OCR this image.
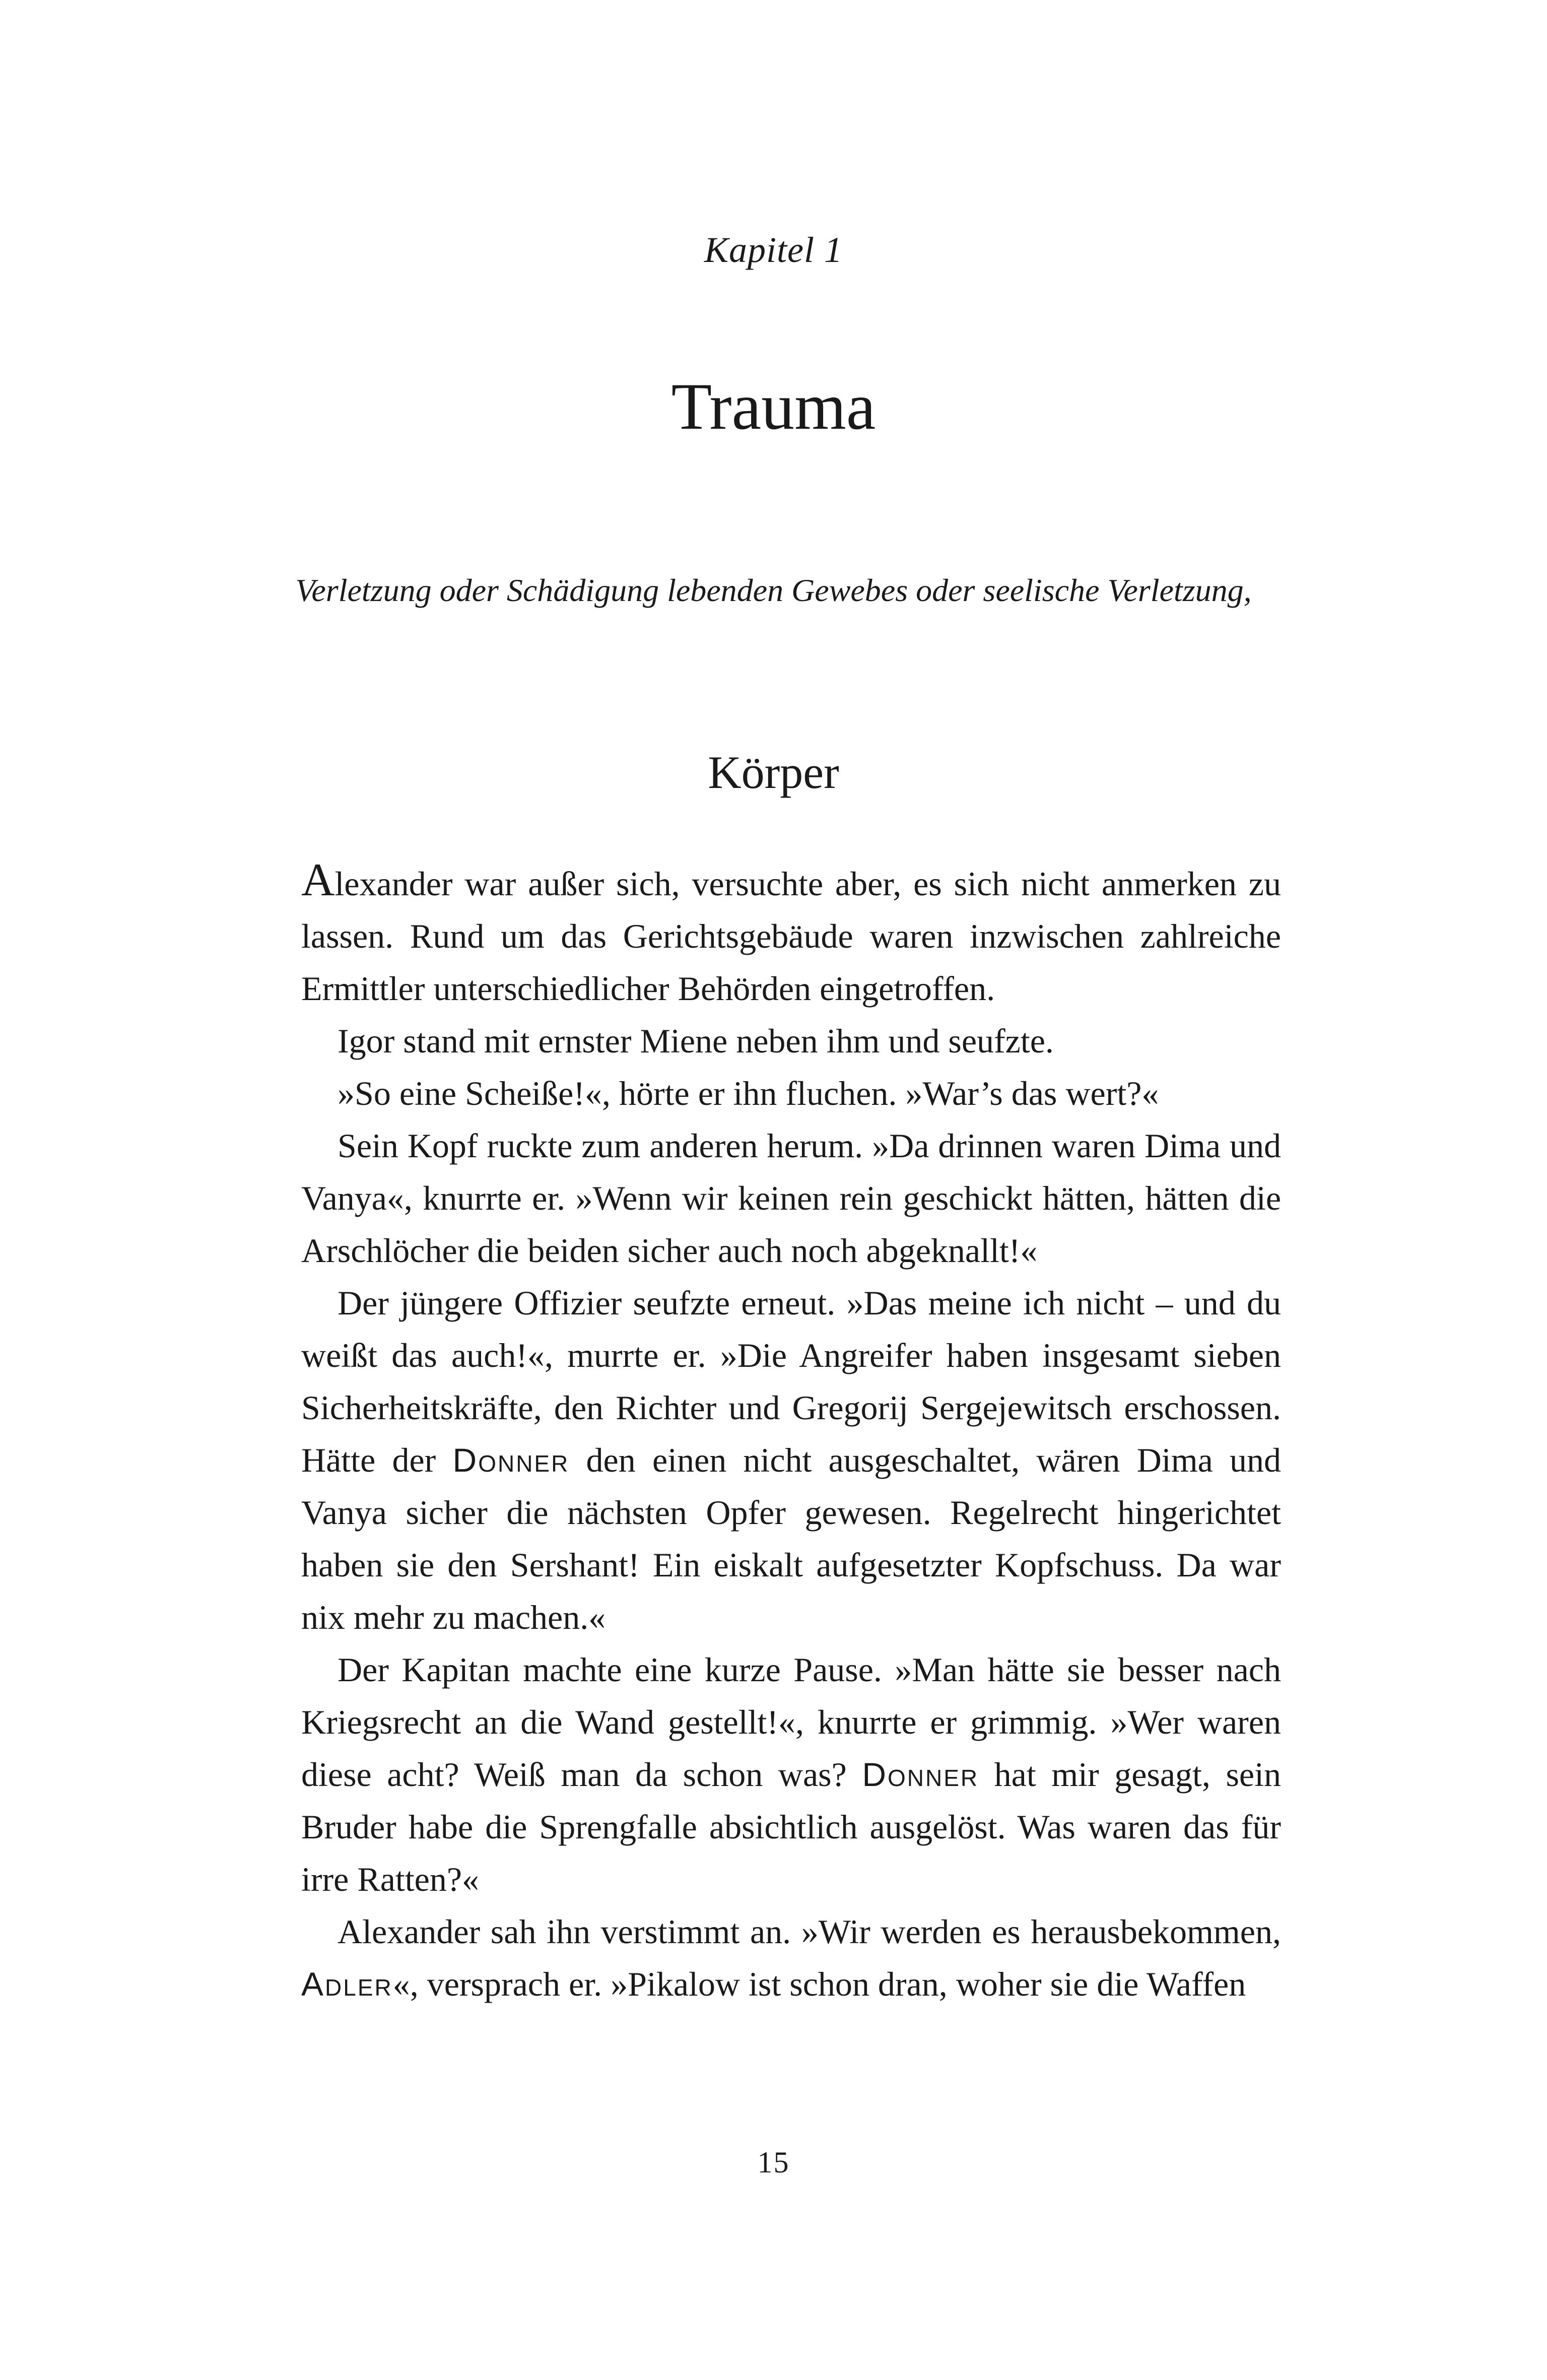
Kapitel 1
Trauma

Verletzung oder Schädigung lebenden Gewebes oder seelische Verletzung,

Körper

Alexander war außer sich, versuchte aber, es sich nicht anmerken zu lassen. Rund um das Gerichtsgebäude waren inzwischen zahlreiche Ermittler unterschiedlicher Behörden eingetroffen.

Igor stand mit ernster Miene neben ihm und seufzte.

»So eine Scheiße!«, hörte er ihn fluchen. »War’s das wert?«

Sein Kopf ruckte zum anderen herum. »Da drinnen waren Dima und Vanya«, knurrte er. »Wenn wir keinen rein geschickt hätten, hätten die Arschlöcher die beiden sicher auch noch abgeknallt!«

Der jüngere Offizier seufzte erneut. »Das meine ich nicht – und du weißt das auch!«, murrte er. »Die Angreifer haben insgesamt sieben Sicherheitskräfte, den Richter und Gregorij Sergejewitsch erschossen. Hätte der Donner den einen nicht ausgeschaltet, wären Dima und Vanya sicher die nächsten Opfer gewesen. Regelrecht hingerichtet haben sie den Sershant! Ein eiskalt aufgesetzter Kopfschuss. Da war nix mehr zu machen.«

Der Kapitan machte eine kurze Pause. »Man hätte sie besser nach Kriegsrecht an die Wand gestellt!«, knurrte er grimmig. »Wer waren diese acht? Weiß man da schon was? Donner hat mir gesagt, sein Bruder habe die Sprengfalle absichtlich ausgelöst. Was waren das für irre Ratten?«

Alexander sah ihn verstimmt an. »Wir werden es herausbekommen, Adler«, versprach er. »Pikalow ist schon dran, woher sie die Waffen

15
